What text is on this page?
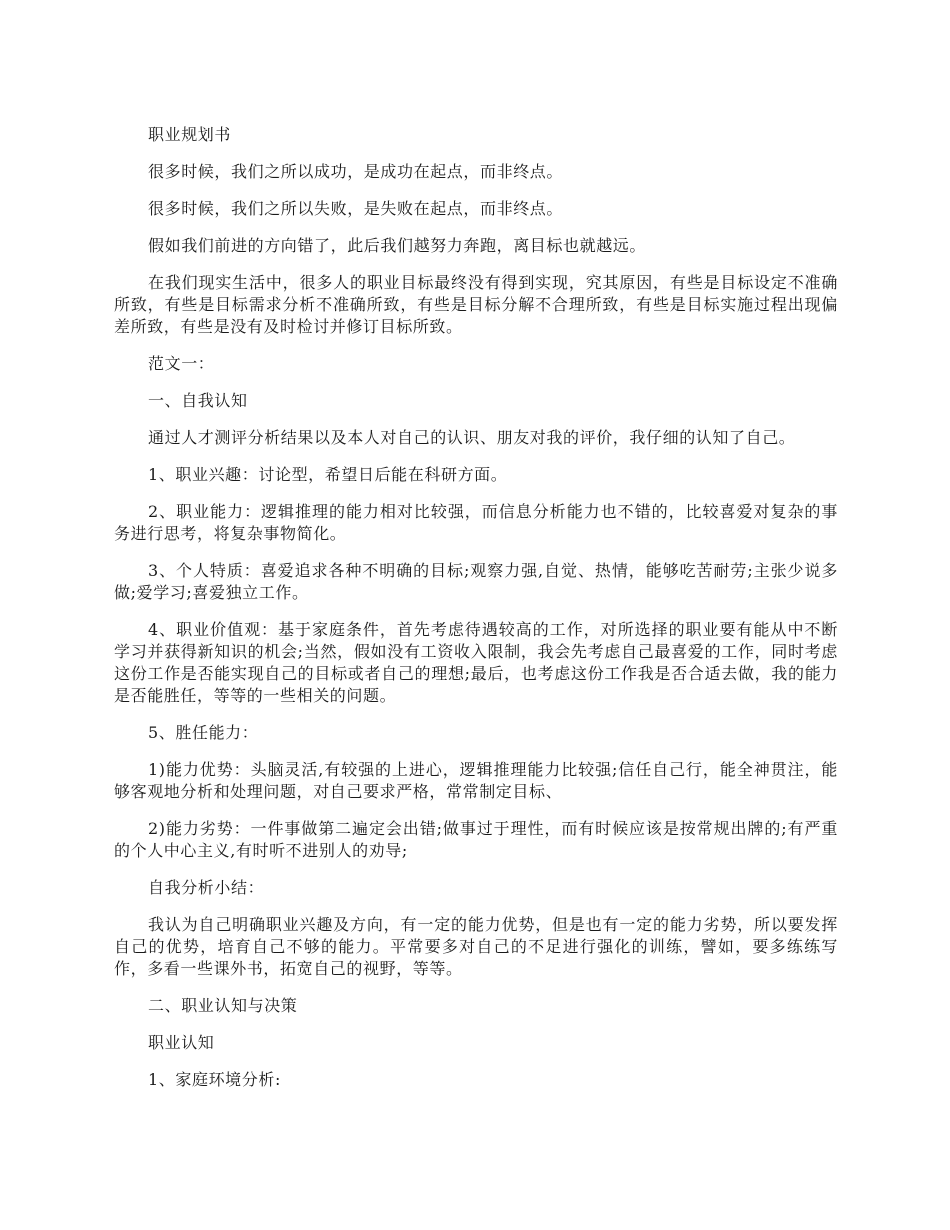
职业规划书

很多时候，我们之所以成功，是成功在起点，而非终点。

很多时候，我们之所以失败，是失败在起点，而非终点。

假如我们前进的方向错了，此后我们越努力奔跑，离目标也就越远。

在我们现实生活中，很多人的职业目标最终没有得到实现，究其原因，有些是目标设定不准确所致，有些是目标需求分析不准确所致，有些是目标分解不合理所致，有些是目标实施过程出现偏差所致，有些是没有及时检讨并修订目标所致。

范文一：

一、自我认知

通过人才测评分析结果以及本人对自己的认识、朋友对我的评价，我仔细的认知了自己。

1、职业兴趣：讨论型，希望日后能在科研方面。

2、职业能力：逻辑推理的能力相对比较强，而信息分析能力也不错的，比较喜爱对复杂的事务进行思考，将复杂事物简化。

3、个人特质：喜爱追求各种不明确的目标;观察力强,自觉、热情，能够吃苦耐劳;主张少说多做;爱学习;喜爱独立工作。

4、职业价值观：基于家庭条件，首先考虑待遇较高的工作，对所选择的职业要有能从中不断学习并获得新知识的机会;当然，假如没有工资收入限制，我会先考虑自己最喜爱的工作，同时考虑这份工作是否能实现自己的目标或者自己的理想;最后，也考虑这份工作我是否合适去做，我的能力是否能胜任，等等的一些相关的问题。

5、胜任能力：

1)能力优势：头脑灵活,有较强的上进心，逻辑推理能力比较强;信任自己行，能全神贯注，能够客观地分析和处理问题，对自己要求严格，常常制定目标、

2)能力劣势：一件事做第二遍定会出错;做事过于理性，而有时候应该是按常规出牌的;有严重的个人中心主义,有时听不进别人的劝导;

自我分析小结：

我认为自己明确职业兴趣及方向，有一定的能力优势，但是也有一定的能力劣势，所以要发挥自己的优势，培育自己不够的能力。平常要多对自己的不足进行强化的训练，譬如，要多练练写作，多看一些课外书，拓宽自己的视野，等等。

二、职业认知与决策

职业认知

1、家庭环境分析:
